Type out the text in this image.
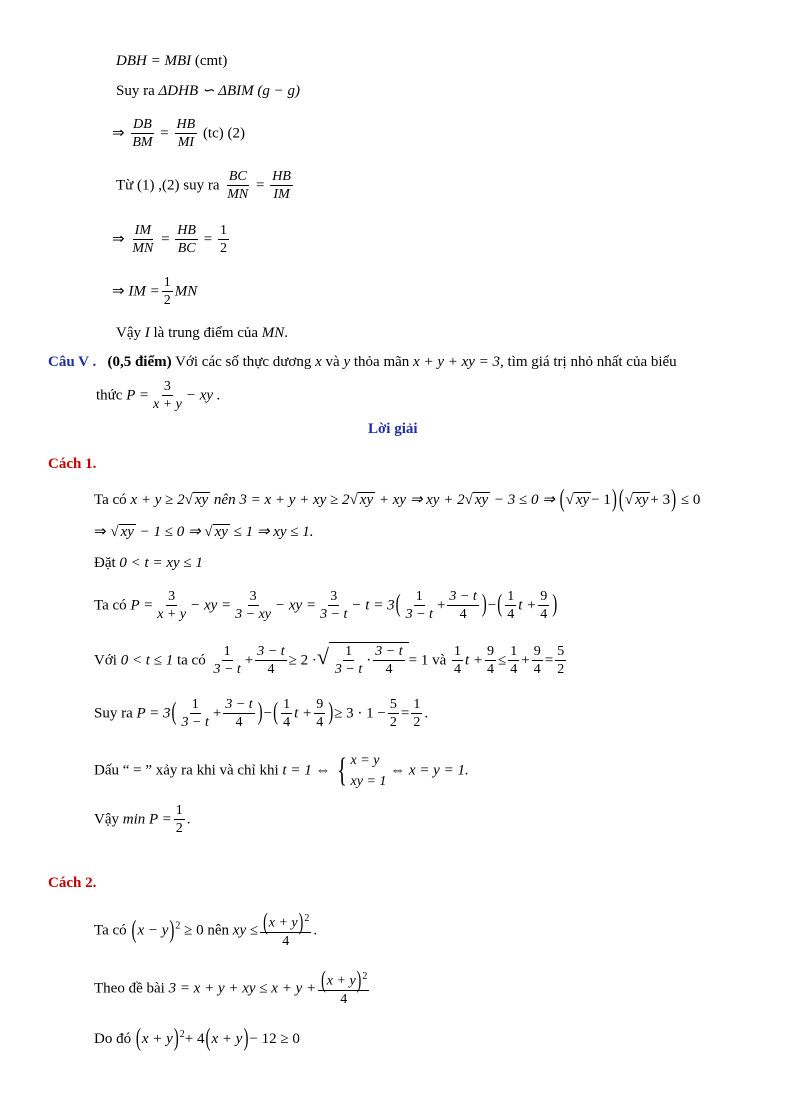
DBH = MBI (cmt)
Suy ra ΔDHB ∽ ΔBIM (g − g)
⇒ $\frac{DB}{BM} = \frac{HB}{MI} (tc)$ (2)
Từ (1) ,(2) suy ra $\frac{BC}{MN} = \frac{HB}{IM}$
⇒ $\frac{IM}{MN} = \frac{HB}{BC} = \frac{1}{2}$
⇒ IM = $\frac{1}{2}$ MN
Vậy I là trung điểm của MN.
Câu V . (0,5 điểm) Với các số thực dương x và y thỏa mãn x + y + xy = 3, tìm giá trị nhỏ nhất của biểu
thức $P = \frac{3}{x + y}$ − xy .
Lời giải
Cách 1.
Ta có x + y ≥ 2√ xy nên 3 = x + y + xy ≥ 2√ xy + xy ⇒ xy + 2√ xy − 3 ≤ 0 ⇒ (√ xy − 1) (√ xy + 3) ≤ 0
⇒ √ xy − 1 ≤ 0 ⇒ √ xy ≤ 1 ⇒ xy ≤ 1.
Đặt 0 < t = xy ≤ 1
Ta có $P = \frac{3}{x + y}$ − xy = $\frac{3}{3 - xy}$ − xy = $\frac{3}{3 - t} - t = 3( \frac{1}{3 - t} + \frac{3 - t}{4}$ )−( $\frac{1}{4}$ $t + \frac{9}{4}$ )
Với 0 < t ≤ 1 ta có $\frac{1}{3 - t} + \frac{3 - t}{4} \ge 2$ ·√ $\frac{1}{3 - t} \cdot \frac{3 - t}{4} = 1$ và $\frac{1}{4}$ $t + \frac{9}{4} \le \frac{1}{4} + \frac{9}{4} = \frac{5}{2}$
Suy ra $P = 3( \frac{1}{3 - t} + \frac{3 - t}{4}$ )−( $\frac{1}{4}$ $t + \frac{9}{4}$ )≥ $3 \cdot 1 - \frac{5}{2} = \frac{1}{2}$ .
Dấu “ = ” xảy ra khi và chỉ khi t = 1 ⇔ { x = y
xy = 1
⇔ x = y = 1.
Vậy $\min P = \frac{1}{2}$ .
Cách 2.
Ta có $(x - y)^2 \ge 0$ nên xy ≤ $\frac{(x + y)^2}{4}$ .
Theo đề bài 3 = x + y + xy ≤ $x + y + \frac{(x + y)^2}{4}$
Do đó $(x + y)^2+ 4(x + y)- 12 \ge 0$
